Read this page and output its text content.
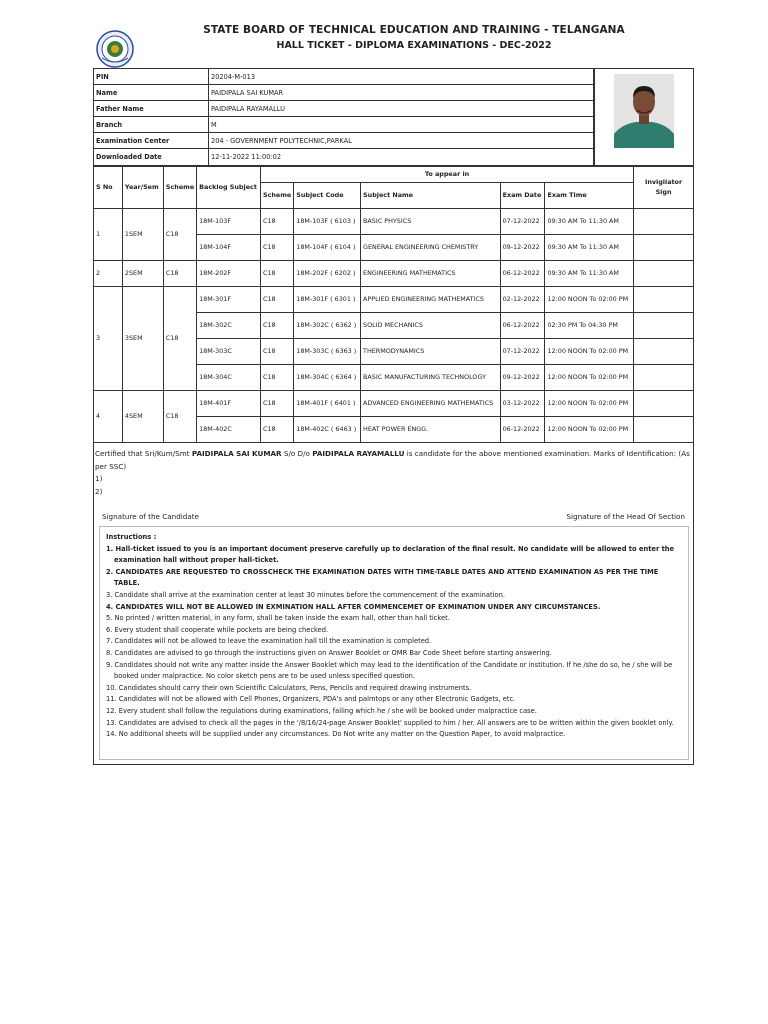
STATE BOARD OF TECHNICAL EDUCATION AND TRAINING - TELANGANA
HALL TICKET - DIPLOMA EXAMINATIONS - DEC-2022
PIN	20204-M-013
Name	PAIDIPALA SAI KUMAR
Father Name	PAIDIPALA RAYAMALLU
Branch	M
Examination Center	204 - GOVERNMENT POLYTECHNIC,PARKAL
Downloaded Date	12-11-2022 11:00:02
S No	Year/Sem	Scheme	Backlog Subject	To appear in					Invigilator Sign
				Scheme	Subject Code	Subject Name	Exam Date	Exam Time	
1	1SEM	C18	18M-103F	C18	18M-103F ( 6103 )	BASIC PHYSICS	07-12-2022	09:30 AM To 11:30 AM	
			18M-104F	C18	18M-104F ( 6104 )	GENERAL ENGINEERING CHEMISTRY	09-12-2022	09:30 AM To 11:30 AM	
2	2SEM	C18	18M-202F	C18	18M-202F ( 6202 )	ENGINEERING MATHEMATICS	06-12-2022	09:30 AM To 11:30 AM	
3	3SEM	C18	18M-301F	C18	18M-301F ( 6301 )	APPLIED ENGINEERING MATHEMATICS	02-12-2022	12:00 NOON To 02:00 PM	
			18M-302C	C18	18M-302C ( 6362 )	SOLID MECHANICS	06-12-2022	02:30 PM To 04:30 PM	
			18M-303C	C18	18M-303C ( 6363 )	THERMODYNAMICS	07-12-2022	12:00 NOON To 02:00 PM	
			18M-304C	C18	18M-304C ( 6364 )	BASIC MANUFACTURING TECHNOLOGY	09-12-2022	12:00 NOON To 02:00 PM	
4	4SEM	C18	18M-401F	C18	18M-401F ( 6401 )	ADVANCED ENGINEERING MATHEMATICS	03-12-2022	12:00 NOON To 02:00 PM	
			18M-402C	C18	18M-402C ( 6463 )	HEAT POWER ENGG.	06-12-2022	12:00 NOON To 02:00 PM	
Certified that Sri/Kum/Smt PAIDIPALA SAI KUMAR S/o D/o PAIDIPALA RAYAMALLU is candidate for the above mentioned examination. Marks of Identification: (As per SSC)
1)
2)
Signature of the Candidate	Signature of the Head Of Section
Instructions :
1. Hall-ticket issued to you is an important document preserve carefully up to declaration of the final result. No candidate will be allowed to enter the examination hall without proper hall-ticket.
2. CANDIDATES ARE REQUESTED TO CROSSCHECK THE EXAMINATION DATES WITH TIME-TABLE DATES AND ATTEND EXAMINATION AS PER THE TIME TABLE.
3. Candidate shall arrive at the examination center at least 30 minutes before the commencement of the examination.
4. CANDIDATES WILL NOT BE ALLOWED IN EXMINATION HALL AFTER COMMENCEMET OF EXMINATION UNDER ANY CIRCUMSTANCES.
5. No printed / written material, in any form, shall be taken inside the exam hall, other than hall ticket.
6. Every student shall cooperate while pockets are being checked.
7. Candidates will not be allowed to leave the examination hall till the examination is completed.
8. Candidates are advised to go through the instructions given on Answer Booklet or OMR Bar Code Sheet before starting answering.
9. Candidates should not write any matter inside the Answer Booklet which may lead to the identification of the Candidate or institution. If he /she do so, he / she will be booked under malpractice. No color sketch pens are to be used unless specified question.
10. Candidates should carry their own Scientific Calculators, Pens, Pencils and required drawing instruments.
11. Candidates will not be allowed with Cell Phones, Organizers, PDA's and palmtops or any other Electronic Gadgets, etc.
12. Every student shall follow the regulations during examinations, failing which he / she will be booked under malpractice case.
13. Candidates are advised to check all the pages in the '/8/16/24-page Answer Booklet' supplied to him / her. All answers are to be written within the given booklet only.
14. No additional sheets will be supplied under any circumstances. Do Not write any matter on the Question Paper, to avoid malpractice.
